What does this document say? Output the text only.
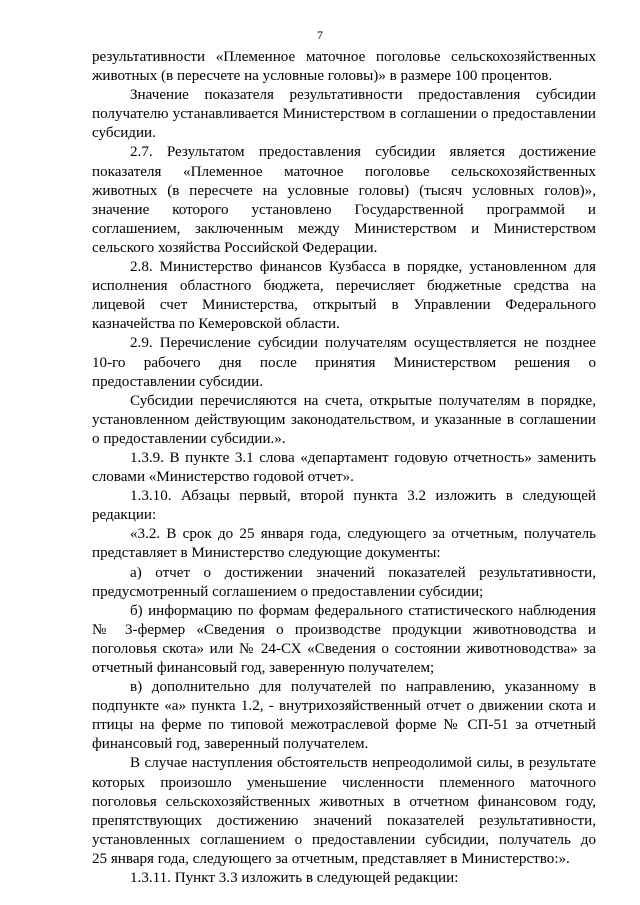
7
результативности «Племенное маточное поголовье сельскохозяйственных
животных (в пересчете на условные головы)» в размере 100 процентов.
Значение показателя результативности предоставления субсидии
получателю устанавливается Министерством в соглашении о предоставлении
субсидии.
2.7. Результатом предоставления субсидии является достижение
показателя «Племенное маточное поголовье сельскохозяйственных
животных (в пересчете на условные головы) (тысяч условных голов)»,
значение которого установлено Государственной программой и
соглашением, заключенным между Министерством и Министерством
сельского хозяйства Российской Федерации.
2.8. Министерство финансов Кузбасса в порядке, установленном для
исполнения областного бюджета, перечисляет бюджетные средства на
лицевой счет Министерства, открытый в Управлении Федерального
казначейства по Кемеровской области.
2.9. Перечисление субсидии получателям осуществляется не позднее
10-го рабочего дня после принятия Министерством решения о
предоставлении субсидии.
Субсидии перечисляются на счета, открытые получателям в порядке,
установленном действующим законодательством, и указанные в соглашении
о предоставлении субсидии.».
1.3.9. В пункте 3.1 слова «департамент годовую отчетность» заменить
словами «Министерство годовой отчет».
1.3.10. Абзацы первый, второй пункта 3.2 изложить в следующей
редакции:
«3.2. В срок до 25 января года, следующего за отчетным, получатель
представляет в Министерство следующие документы:
а) отчет о достижении значений показателей результативности,
предусмотренный соглашением о предоставлении субсидии;
б) информацию по формам федерального статистического наблюдения
№ 3-фермер «Сведения о производстве продукции животноводства и
поголовья скота» или № 24-СХ «Сведения о состоянии животноводства» за
отчетный финансовый год, заверенную получателем;
в) дополнительно для получателей по направлению, указанному в
подпункте «а» пункта 1.2, - внутрихозяйственный отчет о движении скота и
птицы на ферме по типовой межотраслевой форме № СП-51 за отчетный
финансовый год, заверенный получателем.
В случае наступления обстоятельств непреодолимой силы, в результате
которых произошло уменьшение численности племенного маточного
поголовья сельскохозяйственных животных в отчетном финансовом году,
препятствующих достижению значений показателей результативности,
установленных соглашением о предоставлении субсидии, получатель до
25 января года, следующего за отчетным, представляет в Министерство:».
1.3.11. Пункт 3.3 изложить в следующей редакции:
